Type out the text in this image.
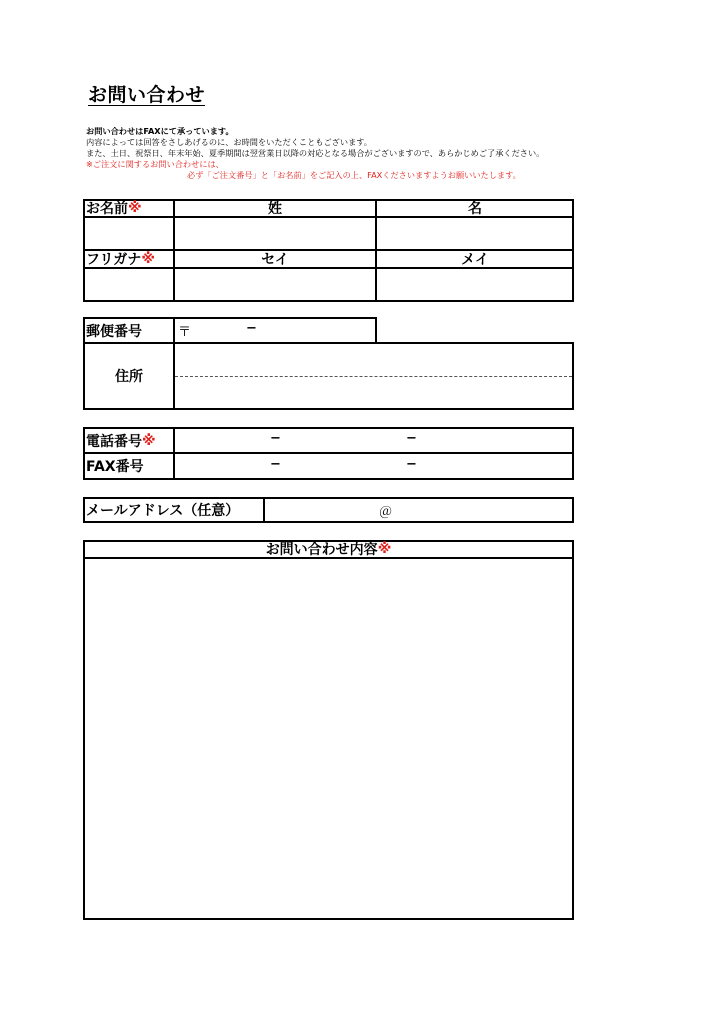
お問い合わせ
お問い合わせはFAXにて承っています。
内容によっては回答をさしあげるのに、お時間をいただくこともございます。
また、土日、祝祭日、年末年始、夏季期間は翌営業日以降の対応となる場合がございますので、あらかじめご了承ください。
※ご注文に関するお問い合わせには、
必ず「ご注文番号」と「お名前」をご記入の上、FAXくださいますようお願いいたします。
お名前 ※	姓	名
フリガナ ※	セイ	メイ
郵便番号	〒	−
住所
電話番号 ※	−	−
FAX番号	−	−
メールアドレス（任意）	＠
お問い合わせ内容 ※
